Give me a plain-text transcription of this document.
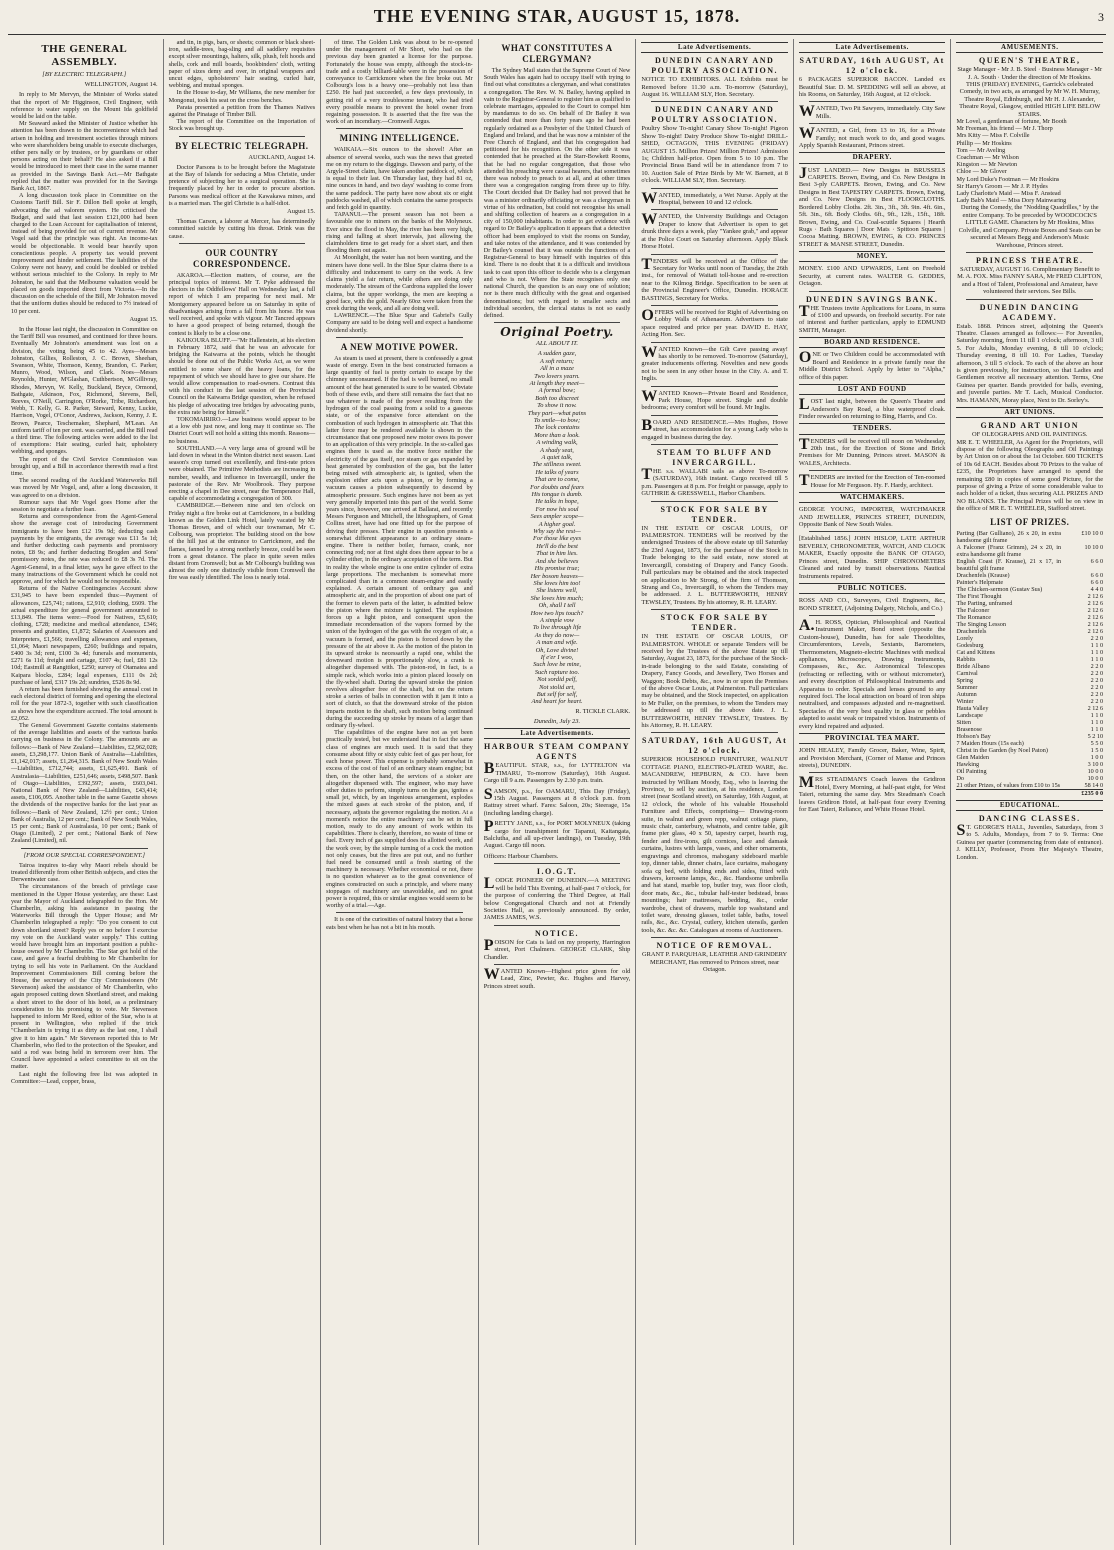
THE EVENING STAR, AUGUST 15, 1878.	3
THE GENERAL ASSEMBLY.
[BY ELECTRIC TELEGRAPH.]
WELLINGTON, August 14.

In reply to Mr Mervyn, the Minister of Works stated that the report of Mr Higginson, Civil Engineer, with reference to water supply on the Mount Ida goldfield would be laid on the table.

Mr Seaward asked the Minister of Justice whether his attention has been drawn to the inconvenience which had arisen in holding and investment societies through minors who were shareholders being unable to execute discharges, either pers nally or by trustees, or by guardians or other persons acting on their behalf? He also asked if a Bill would be introduced to meet their case in the same manner as provided in the Savings Bank Act.—Mr Bathgate replied that the matter was provided for in the Savings Bank Act, 1867.

A long discussion took place in Committee on the Customs Tariff Bill. Sir F. Dillon Bell spoke at length, advocating the ad valorem system. He criticised the Budget, and said that last session £121,000 had been charged to the Loan Account for capitalisation of interest, instead of being provided for out of current revenue. Mr Vogel said that the principle was right. An income-tax would be objectionable. It would bear heavily upon conscientious people. A property tax would prevent improvement and hinder settlement. The liabilities of the Colony were not heavy, and could be doubled or trebled without serious mischief to the Colony. In reply to Mr Johnston, he said that the Melbourne valuation would be placed on goods imported direct from Victoria.—In the discussion on the schedule of the Bill, Mr Johnston moved that the uniform duties should be reduced to 7½ instead of 10 per cent.

August 15.

In the House last night, the discussion in Committee on the Tariff Bill was resumed, and continued for three hours. Eventually Mr Johnston's amendment was lost on a division, the voting being 45 to 42. Ayes—Messrs Johnston, Gillies, Rolleston, J. C. Brown, Sheehan, Swanson, White, Thomson, Kenny, Brandon, C. Parker, Munro, Wood, Wilson, and Clark. Noes—Messrs Reynolds, Hunter, M'Glashan, Cuthbertson, M'Gillivray, Rhodes, Mervyn, W. Kelly, Buckland, Bryce, Ormond, Bathgate, Atkinson, Fox, Richmond, Stevens, Bell, Reeves, O'Neill, Carrington, O'Rorke, Tribe, Richardson, Webb, T. Kelly, G. R. Parker, Steward, Kenny, Luckie, Harrison, Vogel, O'Conor, Andrews, Jackson, Kenny, J. E. Brown, Pearce, Teschemaker, Shephard, M'Lean. An uniform tariff of ten per cent. was carried, and the Bill read a third time. The following articles were added to the list of exemptions: Hair seating, curled hair, upholstery webbing, and sponges.

The report of the Civil Service Commission was brought up, and a Bill in accordance therewith read a first time.

The second reading of the Auckland Waterworks Bill was moved by Mr Vogel, and, after a long discussion, it was agreed to on a division.

Rumour says that Mr Vogel goes Home after the session to negotiate a further loan.

Returns and correspondence from the Agent-General show the average cost of introducing Government immigrants to have been £12 19s 9d; deducting cash payments by the emigrants, the average was £11 5s 1d; and further deducting cash payments and promissory notes, £8 9s; and further deducting Brogden and Sons' promissory notes, the rate was reduced to £8 3s 7d. The Agent-General, in a final letter, says he gave effect to the many instructions of the Government which he could not approve, and for which he would not be responsible.

Returns of the Native Contingencies Account show £31,945 to have been expended thus:—Payment of allowances, £25,741; rations, £2,910; clothing, £609. The actual expenditure for general government amounted to £13,849. The items were:—Food for Natives, £5,610; clothing, £728; medicine and medical attendance, £346; presents and gratuities, £1,872; Salaries of Assessors and Interpreters, £1,566; travelling allowances and expenses, £1,064; Maori newspapers, £260; buildings and repairs, £400 3s 3d; rent, £100 3s 4d; funerals and monuments, £271 6s 11d; freight and cartage, £107 4s; fuel, £81 12s 10d; Eastmill at Rangitikei, £250; survey of Otamatea and Kaipara blocks, £284; legal expenses, £111 0s 2d; purchase of land, £317 19s 2d; sundries, £526 8s 9d.

A return has been furnished showing the annual cost in each electoral district of forming and opening the electoral roll for the year 1872-3, together with such classification as shows how the expenditure accrued. The total amount is £2,052.

The General Government Gazette contains statements of the average liabilities and assets of the various banks carrying on business in the Colony. The amounts are as follows:—Bank of New Zealand—Liabilities, £2,962,028; assets, £3,298,177. Union Bank of Australia—Liabilities, £1,142,017; assets, £1,264,315. Bank of New South Wales—Liabilities, £712,744; assets, £1,625,491. Bank of Australasia—Liabilities, £251,646; assets, £498,507. Bank of Otago—Liabilities, £392,597; assets, £603,041. National Bank of New Zealand—Liabilities, £43,414; assets, £106,095. Another table in the same Gazette shows the dividends of the respective banks for the last year as follows:—Bank of New Zealand, 12½ per cent.; Union Bank of Australia, 12 per cent.; Bank of New South Wales, 15 per cent.; Bank of Australasia, 10 per cent.; Bank of Otago (Limited), 2 per cent.; National Bank of New Zealand (Limited), nil.

[FROM OUR SPECIAL CORRESPONDENT.]

Tairoa inquires to-day why Maori rebels should be treated differently from other British subjects, and cites the Derwentwater case.

The circumstances of the breach of privilege case mentioned in the Upper House yesterday, are these: Last year the Mayor of Auckland telegraphed to the Hon. Mr Chamberlin, asking his assistance in passing the Waterworks Bill through the Upper House; and Mr Chamberlin telegraphed a reply: "Do you consent to cut down shortland street? Reply yes or no before I exercise my vote on the Auckland water supply." This cutting would have brought him an important position a public-house owned by Mr Chamberlin. The Star got hold of the case, and gave a fearful drubbing to Mr Chamberlin for trying to sell his vote in Parliament. On the Auckland Improvement Commissioners Bill coming before the House, the secretary of the City Commissioners (Mr Stevenson) asked the assistance of Mr Chamberlin, who again proposed cutting down Shortland street, and making a short street to the door of his hotel, as a preliminary consideration to his promising to vote. Mr Stevenson happened to inform Mr Reed, editor of the Star, who is at present in Wellington, who replied if the trick "Chamberlain is trying it as dirty as the last one, I shall give it to him again." Mr Stevenson reported this to Mr Chamberlin, who fled to the protection of the Speaker, and said a rod was being held in terrorem over him. The Council have appointed a select committee to sit on the matter.

Last night the following free list was adopted in Committee:—Lead, copper, brass,

and tin, in pigs, bars, or sheets; common or black sheet-iron, saddle-trees, bag-sling and all saddlery requisites except silver mountings, halters, silk, plush, felt hoods and shells, cork and mill boards, bookbinders' cloth, writing paper of sizes demy and over, in original wrappers and uncut edges, upholsterers' hair seating, curled hair, webbing, and mutual sponges.

In the House to-day, Mr Williams, the new member for Mongonui, took his seat on the cross benches.

Parata presented a petition from the Thames Natives against the Pinatage of Timber Bill.

The report of the Committee on the Importation of Stock was brought up.

BY ELECTRIC TELEGRAPH.

AUCKLAND, August 14.

Doctor Parsons is to be brought before the Magistrate at the Bay of Islands for seducing a Miss Christie, under pretence of subjecting her to a surgical operation. She is frequently placed by her in order to procure abortion. Parsons was medical officer at the Kawakawa mines, and is a married man. The girl Christie is a half-idiot.

August 15.

Thomas Carson, a laborer at Mercer, has determinedly committed suicide by cutting his throat. Drink was the cause.

OUR COUNTRY CORRESPONDENCE.

AKAROA.—Election matters, of course, are the principal topics of interest. Mr T. Pyke addressed the electors in the Oddfellows' Hall on Wednesday last, a full report of which I am preparing for next mail. Mr Montgomery appeared before us on Saturday in spite of disadvantages arising from a fall from his horse. He was well received, and spoke with vigour. Mr Tancred appears to have a good prospect of being returned, though the contest is likely to be a close one.

KAIKOURA BLUFF.—"Mr Hallenstein, at his election in February 1872, said that he was an advocate for bridging the Kaiwarra at the points, which he thought should be done out of the Public Works Act, as we were entitled to some share of the heavy loans, for the repayment of which we should have to give our share. He would allow compensation to road-owners. Contrast this with his conduct in the last session of the Provincial Council on the Kaiwarra Bridge question, when he refused his pledge of advocating tree bridges by advocating punts, the extra rate being for himself."

TOKOMAIRIRO.—Law business would appear to be at a low ebb just now, and long may it continue so. The District Court will not hold a sitting this month. Reasons—no business.

SOUTHLAND.—A very large area of ground will be laid down in wheat in the Winton district next season. Last season's crop turned out excellently, and first-rate prices were obtained. The Primitive Methodists are increasing in number, wealth, and influence in Invercargill, under the pastorate of the Rev. Mr Woolbrook. They purpose erecting a chapel in Dee street, near the Temperance Hall, capable of accommodating a congregation of 300.

CAMBRIDGE.—Between nine and ten o'clock on Friday night a fire broke out at Carrickmore, in a building known as the Golden Link Hotel, lately vacated by Mr Thomas Brown, and of which our townsman, Mr C. Colbourg, was proprietor. The building stood on the bow of the hill just at the entrance to Carrickmore, and the flames, fanned by a strong northerly breeze, could be seen from a great distance. The place in quite seven miles distant from Cromwell; but as Mr Colbourg's building was almost the only one distinctly visible from Cromwell the fire was easily identified. The loss is nearly total.

of time. The Golden Link was about to be re-opened under the management of Mr Short, who had on the previous day been granted a license for the purpose. Fortunately the house was empty, although the stock-in-trade and a costly billiard-table were in the possession of conveyance to Carrickmore when the fire broke out. Mr Colbourg's loss is a heavy one—probably not less than £250. He had just succeeded, a few days previously, in getting rid of a very troublesome tenant, who had tried every possible means to prevent the hotel owner from regaining possession. It is asserted that the fire was the work of an incendiary.—Cromwell Argus.

MINING INTELLIGENCE.

WAIKAIA.—Six ounces to the shovel! After an absence of several weeks, such was the news that greeted me on my return to the diggings. Dawson and party, of the Argyle-Street claim, have taken another paddock of, which is equal to their last. On Thursday last, they had 81 oz, nine ounces in hand, and two days' washing to come from the same paddock. The party have now about six or eight paddocks washed, all of which contains the same prospects and fetch gold in quantity.

TAPANUI.—The present season has not been a favourable one to miners on the banks of the Molyneux. Ever since the flood in May, the river has been very high, rising and falling at short intervals, just allowing the claimholders time to get ready for a short start, and then flooding them out again.

At Moonlight, the water has not been wanting, and the miners have done well. In the Blue Spur claims there is a difficulty and inducement to carry on the work. A few claims yield a fair return, while others are doing only moderately. The stream of the Cardrona supplied the lower claims, but the upper workings, the men are keeping a good face, with the gold. Nearly 60oz were taken from the creek during the week, and all are doing well.

LAWRENCE.—The Blue Spur and Gabriel's Gully Company are said to be doing well and expect a handsome dividend shortly.

A NEW MOTIVE POWER.

As steam is used at present, there is confessedly a great waste of energy. Even in the best constructed furnaces a large quantity of fuel is pretty certain to escape by the chimney unconsumed. If the fuel is well burned, no small amount of the heat generated is sure to be wasted. Obviate both of these evils, and there still remains the fact that no use whatever is made of the power resulting from the hydrogen of the coal passing from a solid to a gaseous state, or of the expansive force attendant on the combustion of such hydrogen in atmospheric air. That this latter force may be rendered available is shown in the circumstance that one proposed new motor owes its power to an application of this very principle. In the so-called gas engines there is used as the motive force neither the electricity of the gas itself, nor steam or gas expanded by heat generated by combustion of the gas, but the latter being mixed with atmospheric air, is ignited, when the explosion either acts upon a piston, or by forming a vacuum causes a piston subsequently to descend by atmospheric pressure. Such engines have not been as yet very generally imported into this part of the world. Some years since, however, one arrived at Ballarat, and recently Messrs Ferguson and Mitchell, the lithographers, of Great Collins street, have had one fitted up for the purpose of driving their presses. Their engine in question presents a somewhat different appearance to an ordinary steam-engine. There is neither boiler, furnace, crank, nor connecting rod; nor at first sight does there appear to be a cylinder either, in the ordinary acceptation of the term. But in reality the whole engine is one entire cylinder of extra large proportions. The mechanism is somewhat more complicated than in a common steam-engine and easily explained. A certain amount of ordinary gas and atmospheric air, and in the proportion of about one part of the former to eleven parts of the latter, is admitted below the piston where the mixture is ignited. The explosion forces up a light piston, and consequent upon the immediate recondensation of the vapors formed by the union of the hydrogen of the gas with the oxygen of air, a vacuum is formed, and the piston is forced down by the pressure of the air above it. As the motion of the piston in its upward stroke is necessarily a rapid one, whilst the downward motion is proportionately slow, a crank is altogether dispensed with. The piston-rod, in fact, is a simple rack, which works into a pinion placed loosely on the fly-wheel shaft. During the upward stroke the pinion revolves altogether free of the shaft, but on the return stroke a series of balls in connection with it jam it into a sort of clutch, so that the downward stroke of the piston imparts motion to the shaft, such motion being continued during the succeeding up stroke by means of a larger than ordinary fly-wheel.

The capabilities of the engine have not as yet been practically tested, but we understand that in fact the same class of engines are much used. It is said that they consume about fifty or sixty cubic feet of gas per hour, for each horse power. This expense is probably somewhat in excess of the cost of fuel of an ordinary steam engine; but then, on the other hand, the services of a stoker are altogether dispensed with. The engineer, who may have other duties to perform, simply turns on the gas, ignites a small jet, which, by an ingenious arrangement, explodes the mixed gases at each stroke of the piston, and, if necessary, adjusts the governor regulating the motion. At a moment's notice the entire machinery can be set in full motion, ready to do any amount of work within its capabilities. There is clearly, therefore, no waste of time or fuel. Every inch of gas supplied does its allotted work, and the work over, by the simple turning of a cock the motion not only ceases, but the fires are put out, and no further fuel need be consumed until a fresh starting of the machinery is necessary. Whether economical or not, there is no question whatever as to the great convenience of engines constructed on such a principle, and where many stoppages of machinery are unavoidable, and no great power is required, this or similar engines would seem to be worthy of a trial.—Age.

It is one of the curiosities of natural history that a horse eats best when he has not a bit in his mouth.

WHAT CONSTITUTES A CLERGYMAN?

The Sydney Mail states that the Supreme Court of New South Wales has again had to occupy itself with trying to find out what constitutes a clergyman, and what constitutes a congregation. The Rev. W. N. Bailey, having applied in vain to the Registrar-General to register him as qualified to celebrate marriages, appealed to the Court to compel him by mandamus to do so. On behalf of Dr Bailey it was contended that more than forty years ago he had been regularly ordained as a Presbyter of the United Church of England and Ireland, and that he was now a minister of the Free Church of England, and that his congregation had petitioned for his recognition. On the other side it was contended that he preached at the Starr-Bowkett Rooms, that he had no regular congregation, that those who attended his preaching were casual hearers, that sometimes there was nobody to preach to at all, and at other times there was a congregation ranging from three up to fifty. The Court decided that Dr Bailey had not proved that he was a minister ordinarily officiating or was a clergyman in virtue of his ordination, but could not recognise his small and shifting collection of hearers as a congregation in a city of 150,000 inhabitants. In order to get evidence with regard to Dr Bailey's application it appears that a detective officer had been employed to visit the rooms on Sunday, and take notes of the attendance, and it was contended by Dr Bailey's counsel that it was outside the functions of a Registrar-General to busy himself with inquiries of this kind. There is no doubt that it is a difficult and invidious task to cast upon this officer to decide who is a clergyman and who is not. Where the State recognises only one national Church, the question is an easy one of solution; nor is there much difficulty with the great and organised denominations; but with regard to smaller sects and individual seceders, the clerical status is not so easily defined.

Original Poetry.
ALL ABOUT IT.
A sudden gaze,
A soft return;
All in a maze
Two lovers yearn.
At length they meet—
A formal bow;
Both too discreet
To show it now.
They part—what pains
To smile—to bow;
The lock contains
More than a look.
A winding walk,
A shady seat,
A quiet talk,
The stillness sweet.
He talks of years
That are to come,
For doubts and fears
His tongue is dumb.
He talks in hope,
For now his soul
Sees ampler scope—
A higher goal.
Why say the rest—
For those like eyes
He'll do the best
That in him lies.
And she believes
His promise true;
Her bosom heaves—
She loves him too!
She listens well,
She loves him much;
Oh, shall I tell
How two lips touch?
A simple vow
To live through life
As they do now—
A man and wife.
Oh, Love divine!
If e'er I woo,
Such love be mine,
Such rapture too.
Not sordid pelf,
Not stolid art,
But self for self,
And heart for heart.
R. TICKLE CLARK.
Dunedin, July 23.
Late Advertisements.
HARBOUR STEAM COMPANY AGENTS
BEAUTIFUL STAR, s.s., for LYTTELTON via TIMARU, To-morrow (Saturday), 16th August. Cargo till 9 a.m. Passengers by 2.30 p.m. train.
SAMSON, p.s., for OAMARU, This Day (Friday), 15th August. Passengers at 8 o'clock p.m. from Rattray street wharf. Fares: Saloon, 20s; Steerage, 15s (including landing charge).
PRETTY JANE, s.s., for PORT MOLYNEUX (taking cargo for transhipment for Tapanui, Kaitangata, Balclutha, and all up-river landings), on Tuesday, 19th August. Cargo till noon.
Officers: Harbour Chambers.
I.O.G.T.
LODGE PIONEER OF DUNEDIN.—A MEETING will be held This Evening, at half-past 7 o'clock, for the purpose of conferring the Third Degree, at Hall below Congregational Church and not at Friendly Societies Hall, as previously announced. By order, JAMES JAMES, W.S.
NOTICE.
POISON for Cats is laid on my property, Harrington street, Port Chalmers. GEORGE CLARK, Ship Chandler.
WANTED Known—Highest price given for old Lead, Zinc, Pewter, &c. Hughes and Harvey, Princes street south.
Late Advertisements.
DUNEDIN CANARY AND POULTRY ASSOCIATION.
NOTICE TO EXHIBITORS. ALL Exhibits must be Removed before 11.30 a.m. To-morrow (Saturday), August 16. WILLIAM SLY, Hon. Secretary.
DUNEDIN CANARY AND POULTRY ASSOCIATION.
Poultry Show To-night! Canary Show To-night! Pigeon Show To-night! Dairy Produce Show To-night! DRILL-SHED, OCTAGON, THIS EVENING (FRIDAY) AUGUST 15. Million Prizes! Million Prizes! Admission 1s; Children half-price. Open from 5 to 10 p.m. The Provincial Brass Band will be in attendance from 7 to 10. Auction Sale of Prize Birds by Mr W. Barnett, at 8 o'clock. WILLIAM SLY, Hon. Secretary.
WANTED, immediately, a Wet Nurse. Apply at the Hospital, between 10 and 12 o'clock.
WANTED, the University Buildings and Octagon Draper to know that Advertiser is open to get drunk three days a week, play "Yankee grab," and appear at the Police Court on Saturday afternoon. Apply Black Horse Hotel.
TENDERS will be received at the Office of the Secretary for Works until noon of Tuesday, the 26th inst., for removal of Waitati toll-house and re-erection near to the Kilmog Bridge. Specification to be seen at the Provincial Engineer's Office, Dunedin. HORACE BASTINGS, Secretary for Works.
OFFERS will be received for Right of Advertising on Lobby Walls of Athenaeum. Advertisers to state space required and price per year. DAVID E. HAY, Acting Hon. Sec.
WANTED Known—the Gilt Cave passing away! has shortly to be removed. To-morrow (Saturday), greater inducements offering. Novelties and new goods not to be seen in any other house in the City. A. and T. Inglis.
WANTED Known—Private Board and Residence, Park House, Hope street. Single and double bedrooms; every comfort will be found. Mr Inglis.
BOARD AND RESIDENCE.—Mrs Hughes, Howe street, has accommodation for a young Lady who is engaged in business during the day.
STEAM TO BLUFF AND INVERCARGILL.
THE s.s. WALLABI sails as above To-morrow (SATURDAY), 16th instant. Cargo received till 5 p.m. Passengers at 8 p.m. For freight or passage, apply to GUTHRIE & GRESSWELL, Harbor Chambers.
STOCK FOR SALE BY TENDER.
IN THE ESTATE OF OSCAR LOUIS, OF PALMERSTON. TENDERS will be received by the undersigned Trustees of the above estate up till Saturday the 23rd August, 1873, for the purchase of the Stock in Trade belonging to the said estate, now stored at Invercargill, consisting of Drapery and Fancy Goods. Full particulars may be obtained and the stock inspected on application to Mr Strong, of the firm of Thomson, Strang and Co., Invercargill, to whom the Tenders may be addressed. J. L. BUTTERWORTH, HENRY TEWSLEY, Trustees. By his attorney, R. H. LEARY.
STOCK FOR SALE BY TENDER.
IN THE ESTATE OF OSCAR LOUIS, OF PALMERSTON. WHOLE or separate Tenders will be received by the Trustees of the above Estate up till Saturday, August 23, 1873, for the purchase of the Stock-in-trade belonging to the said Estate, consisting of Drapery, Fancy Goods, and Jewellery, Two Horses and Waggon; Book Debts, &c., now in or upon the Premises of the above Oscar Louis, at Palmerston. Full particulars may be obtained, and the Stock inspected, on application to Mr Fuller, on the premises, to whom the Tenders may be addressed up till the above date. J. L. BUTTERWORTH, HENRY TEWSLEY, Trustees. By his Attorney, R. H. LEARY.
SATURDAY, 16th AUGUST, At 12 o'clock.
SUPERIOR HOUSEHOLD FURNITURE, WALNUT COTTAGE PIANO, ELECTRO-PLATED WARE, &c. MACANDREW, HEPBURN, & CO. have been instructed by William Moody, Esq., who is leaving the Province, to sell by auction, at his residence, London street (near Scotland street), on Saturday, 16th August, at 12 o'clock, the whole of his valuable Household Furniture and Effects, comprising— Drawing-room suite, in walnut and green repp, walnut cottage piano, music chair, canterbury, whatnots, and centre table, gilt frame pier glass, 40 x 50, tapestry carpet, hearth rug, fender and fire-irons, gilt cornices, lace and damask curtains, lustres with lamps, vases, and other ornaments, engravings and chromos, mahogany sideboard marble top, dinner table, dinner chairs, lace curtains, mahogany sofa cg bed, with folding ends and sides, fitted with drawers, kerosene lamps, &c., &c. Handsome umbrella and hat stand, marble top, butler tray, wax floor cloth, door mats, &c., &c., tubular half-tester bedstead, brass mountings; hair mattresses, bedding, &c., cedar wardrobe, chest of drawers, marble top washstand and toilet ware, dressing glasses, toilet table, baths, towel rails, &c., &c. Crystal, cutlery, kitchen utensils, garden tools, &c. &c. &c. Catalogues at rooms of Auctioneers.
NOTICE OF REMOVAL.
GRANT P. FARQUHAR, LEATHER AND GRINDERY MERCHANT, Has removed to Princes street, near Octagon.
Late Advertisements.
SATURDAY, 16th AUGUST, At 12 o'clock.
6 PACKAGES SUPERIOR BACON. Landed ex Beautiful Star. D. M. SPEDDING will sell as above, at his Rooms, on Saturday, 16th August, at 12 o'clock.
WANTED, Two Pit Sawyers, immediately. City Saw Mills.
WANTED, a Girl, from 13 to 16, for a Private Family; not much work to do, and good wages. Apply Spanish Restaurant, Princes street.
DRAPERY.
JUST LANDED.— New Designs in BRUSSELS CARPETS. Brown, Ewing, and Co. New Designs in Best 3-ply CARPETS. Brown, Ewing, and Co. New Designs in Best TAPESTRY CARPETS. Brown, Ewing, and Co. New Designs in Best FLOORCLOTHS. Bordered Lobby Cloths. 2ft. 3in., 3ft., 3ft. 9in. 4ft. 6in., 5ft. 3in., 6ft. Body Cloths. 6ft., 9ft., 12ft., 15ft., 18ft. Brown, Ewing, and Co. Coal-scuttle Squares | Hearth Rugs · Bath Squares | Door Mats · Spittoon Squares | Cocoa Matting. BROWN, EWING, & CO. PRINCES STREET & MANSE STREET, Dunedin.
MONEY.
MONEY. £100 AND UPWARDS, Lent on Freehold Security, at current rates. WALTER G. GEDDES, Octagon.
DUNEDIN SAVINGS BANK.
THE Trustees invite Applications for Loans, in sums of £100 and upwards, on freehold security. For rate of interest and further particulars, apply to EDMUND SMITH, Manager.
BOARD AND RESIDENCE.
ONE or Two Children could be accommodated with Board and Residence in a private family near the Middle District School. Apply by letter to "Alpha," office of this paper.
LOST AND FOUND
LOST last night, between the Queen's Theatre and Anderson's Bay Road, a blue waterproof cloak. Finder rewarded on returning to Bing, Harris, and Co.
TENDERS.
TENDERS will be received till noon on Wednesday, 20th inst., for the Erection of Stone and Brick Premises for Mr Dunning, Princes street. MASON & WALES, Architects.
TENDERS are invited for the Erection of Ten-roomed House for Mr Ferguson. Hy. F. Hardy, architect.
WATCHMAKERS.
GEORGE YOUNG, IMPORTER, WATCHMAKER AND JEWELLER, PRINCES STREET, DUNEDIN, Opposite Bank of New South Wales.
[Established 1856.] JOHN HISLOP, LATE ARTHUR BEVERLY, CHRONOMETER, WATCH, AND CLOCK MAKER, Exactly opposite the BANK OF OTAGO, Princes street, Dunedin. SHIP CHRONOMETERS Cleaned and rated by transit observations. Nautical Instruments repaired.
PUBLIC NOTICES.
ROSS AND CO., Surveyors, Civil Engineers, &c., BOND STREET, (Adjoining Dalgety, Nichols, and Co.)
A.H. ROSS, Optician, Philosophical and Nautical Instrument Maker, Bond street (opposite the Custom-house), Dunedin, has for sale Theodolites, Circumferentors, Levels, Sextants, Barometers, Thermometers, Magneto-electric Machines with medical appliances, Microscopes, Drawing Instruments, Compasses, &c., &c. Astronomical Telescopes (refracting or reflecting, with or without micrometer), and every description of Philosophical Instruments and Apparatus to order. Specials and lenses ground to any required foci. The local attraction on board of iron ships neutralised, and compasses adjusted and re-magnetised. Spectacles of the very best quality in glass or pebbles adapted to assist weak or impaired vision. Instruments of every kind repaired and adjusted.
PROVINCIAL TEA MART.
JOHN HEALEY, Family Grocer, Baker, Wine, Spirit, and Provision Merchant, (Corner of Manse and Princes streets), DUNEDIN.
MRS STEADMAN'S Coach leaves the Gridiron Hotel, Every Morning, at half-past eight, for West Taieri, returning the same day. Mrs Steadman's Coach leaves Gridiron Hotel, at half-past four every Evening for East Taieri, Reliance, and White House Hotel.
AMUSEMENTS.
QUEEN'S THEATRE,
Stage Manager - Mr J. B. Steel · Business Manager - Mr J. A. South · Under the direction of Mr Hoskins.
THIS (FRIDAY) EVENING, Garrick's celebrated Comedy, in two acts, as arranged by Mr W. H. Murray, Theatre Royal, Edinburgh, and Mr H. J. Alexander, Theatre Royal, Glasgow, entitled HIGH LIFE BELOW STAIRS.
Mr Lovel, a gentleman of fortune, Mr Booth
Mr Freeman, his friend — Mr J. Thorp
Mrs Kitty — Miss F. Colville
Phillip — Mr Hoskins
Tom — Mr Aveling
Coachman — Mr Wilson
Kingston — Mr Newton
Chloe — Mr Glover
My Lord Duke's Footman — Mr Hoskins
Sir Harry's Groom — Mr J. P. Hydes
Lady Charlotte's Maid — Miss F. Anstead
Lady Bab's Maid — Miss Dory Mainwaring
During the Comedy, the "Nodding Quadrilles," by the entire Company. To be preceded by WOODCOCK'S LITTLE GAME. Characters by Mr Hoskins, Miss Colville, and Company. Private Boxes and Seats can be secured at Messrs Begg and Anderson's Music Warehouse, Princes street.
PRINCESS THEATRE.
SATURDAY, AUGUST 16. Complimentary Benefit to M. A. FOX. Miss FANNY SARA, Mr FRED CLIFTON, and a Host of Talent, Professional and Amateur, have volunteered their services. See Bills.
DUNEDIN DANCING ACADEMY.
Estab. 1868. Princes street, adjoining the Queen's Theatre. Classes arranged as follows:— For Juveniles, Saturday morning, from 11 till 1 o'clock; afternoon, 3 till 5. For Adults, Monday evening, 8 till 10 o'clock; Thursday evening, 8 till 10. For Ladies, Tuesday afternoon, 3 till 5 o'clock. To each of the above an hour is given previously, for instruction, so that Ladies and Gentlemen receive all necessary attention. Terms, One Guinea per quarter. Bands provided for balls, evening, and juvenile parties. Mr T. Lach, Musical Conductor. Mrs. HAMANN, Moray place, Next to Dr. Sorley's.
ART UNIONS.
GRAND ART UNION
OF OLEOGRAPHS AND OIL PAINTINGS.
MR E. T. WHEELER, As Agent for the Proprietors, will dispose of the following Oleographs and Oil Paintings by Art Union on or about the 1st October. 600 TICKETS of 10s 6d EACH. Besides about 70 Prizes to the value of £235, the Proprietors have arranged to spend the remaining £80 in copies of some good Picture, for the purpose of giving a Prize of some considerable value to each holder of a ticket, thus securing ALL PRIZES AND NO BLANKS. The Principal Prizes will be on view in the office of MR E. T. WHEELER, Stafford street.
LIST OF PRIZES.
Parting (Bar Gulliano), 26 x 20, in extra handsome gilt frame	£10 10 0
A Falconer (Franz Grimm), 24 x 20, in extra handsome gilt frame	10 10 0
English Coast (F. Krause), 21 x 17, in beautiful gilt frame	6 6 0
Drachenfels (Krause)	6 6 0
Painter's Helpmate	6 6 0
The Chicken-sermon (Gustav Sus)	4 4 0
The First Thought	2 12 6
The Parting, unframed	2 12 6
The Falconer	2 12 6
The Romance	2 12 6
The Singing Lesson	2 12 6
Drachenfels	2 12 6
Lorely	2 2 0
Godesburg	1 1 0
Cat and Kittens	1 1 0
Rabbits	1 1 0
Bride Albano	2 2 0
Carnival	2 2 0
Spring	2 2 0
Summer	2 2 0
Autumn	2 2 0
Winter	2 2 0
Hauta Valley	2 12 6
Landscape	1 1 0
Sitten	1 1 0
Brasenose	1 1 0
Hobson's Bay	5 2 10
7 Maiden Hours (15s each)	5 5 0
Christ in the Garden (by Noel Paton)	1 5 0
Glen Maiden	1 0 0
Hawking	3 10 0
Oil Painting	10 0 0
Do	10 0 0
21 other Prizes, of values from £10 to 15s	58 14 0
	£235 0 0
EDUCATIONAL.
DANCING CLASSES.
ST. GEORGE'S HALL, Juveniles, Saturdays, from 3 to 5. Adults, Mondays, from 7 to 9. Terms: One Guinea per quarter (commencing from date of entrance). J. KELLY, Professor, From Her Majesty's Theatre, London.
